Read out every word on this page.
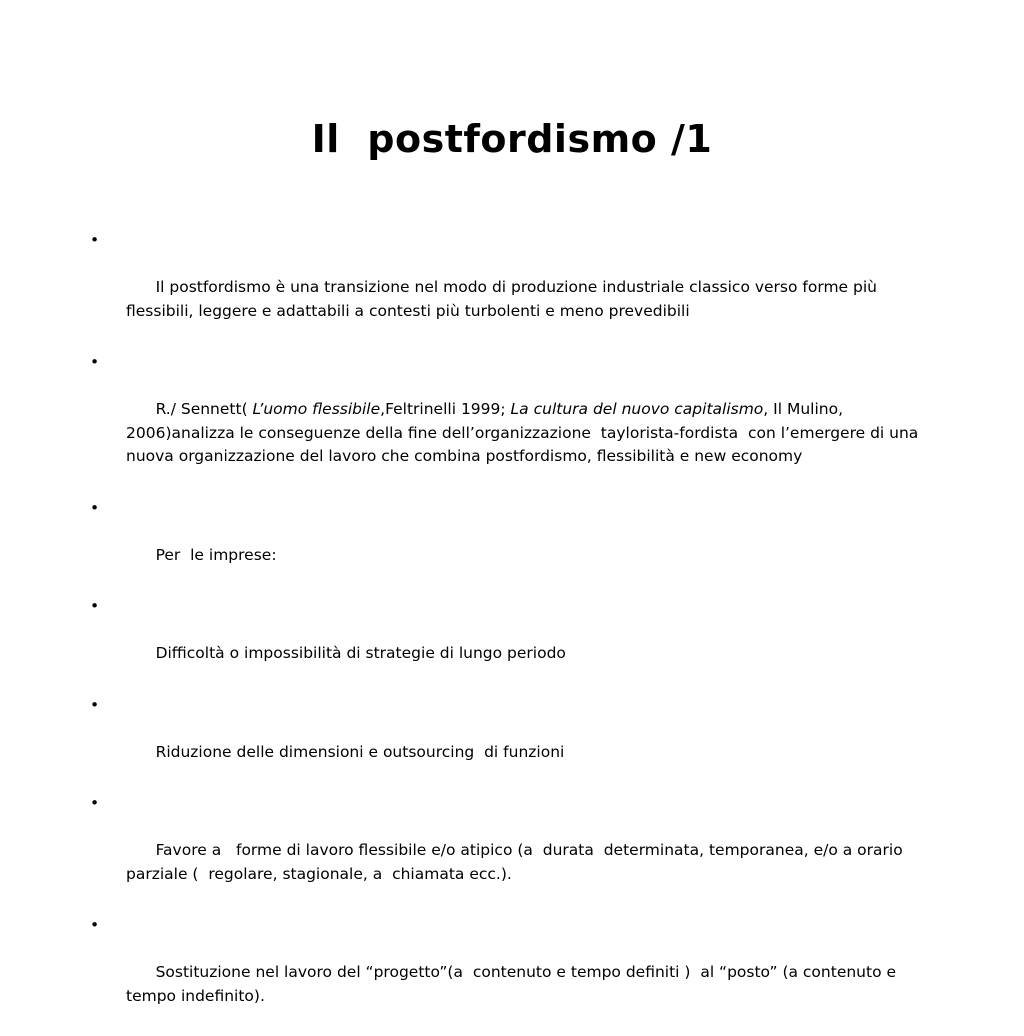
Il  postfordismo /1

•

Il postfordismo è una transizione nel modo di produzione industriale classico verso forme più flessibili, leggere e adattabili a contesti più turbolenti e meno prevedibili

•

R./ Sennett( L’uomo flessibile,Feltrinelli 1999; La cultura del nuovo capitalismo, Il Mulino, 2006)analizza le conseguenze della fine dell’organizzazione  taylorista-fordista  con l’emergere di una nuova organizzazione del lavoro che combina postfordismo, flessibilità e new economy

•

Per  le imprese:

•

Difficoltà o impossibilità di strategie di lungo periodo

•

Riduzione delle dimensioni e outsourcing  di funzioni

•

Favore a   forme di lavoro flessibile e/o atipico (a  durata  determinata, temporanea, e/o a orario parziale (  regolare, stagionale, a  chiamata ecc.).

•

Sostituzione nel lavoro del “progetto”(a  contenuto e tempo definiti )  al “posto” (a contenuto e tempo indefinito).
